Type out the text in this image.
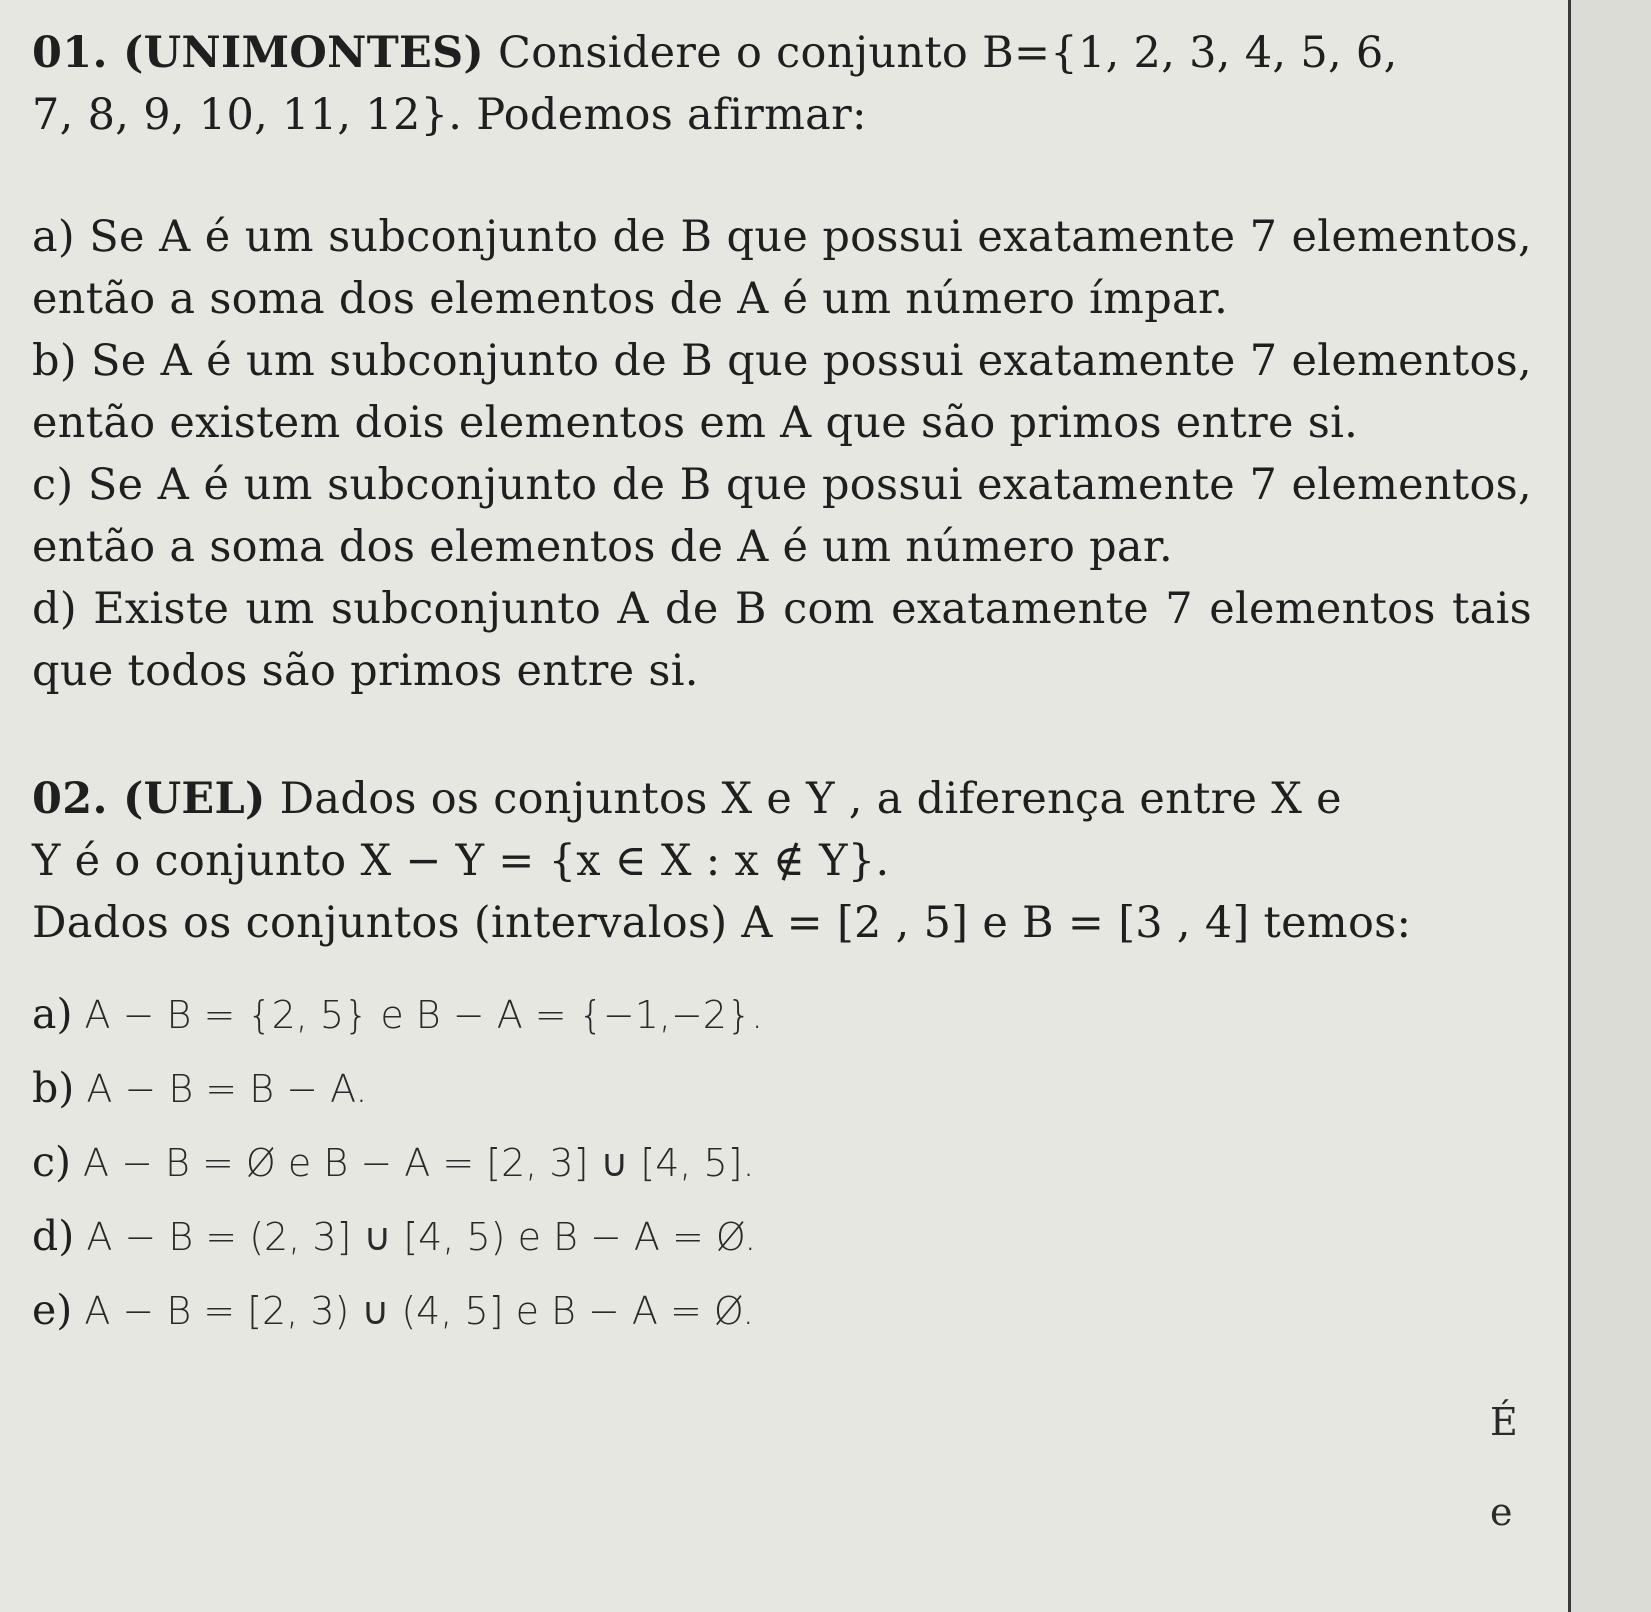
01. (UNIMONTES) Considere o conjunto B={1, 2, 3, 4, 5, 6,
7, 8, 9, 10, 11, 12}. Podemos afirmar:

a) Se A é um subconjunto de B que possui exatamente 7 elementos, então a soma dos elementos de A é um número ímpar.

b) Se A é um subconjunto de B que possui exatamente 7 elementos, então existem dois elementos em A que são primos entre si.

c) Se A é um subconjunto de B que possui exatamente 7 elementos, então a soma dos elementos de A é um número par.

d) Existe um subconjunto A de B com exatamente 7 elementos tais que todos são primos entre si.

02. (UEL) Dados os conjuntos X e Y , a diferença entre X e

Y é o conjunto X − Y = {x ∈ X : x ∉ Y}.

Dados os conjuntos (intervalos) A = [2 , 5] e B = [3 , 4] temos:

a) A − B = {2, 5} e B − A = {−1,−2}.

b) A − B = B − A.

c) A − B = Ø e B − A = [2, 3] ∪ [4, 5].

d) A − B = (2, 3] ∪ [4, 5) e B − A = Ø.

e) A − B = [2, 3) ∪ (4, 5] e B − A = Ø.

É
e
